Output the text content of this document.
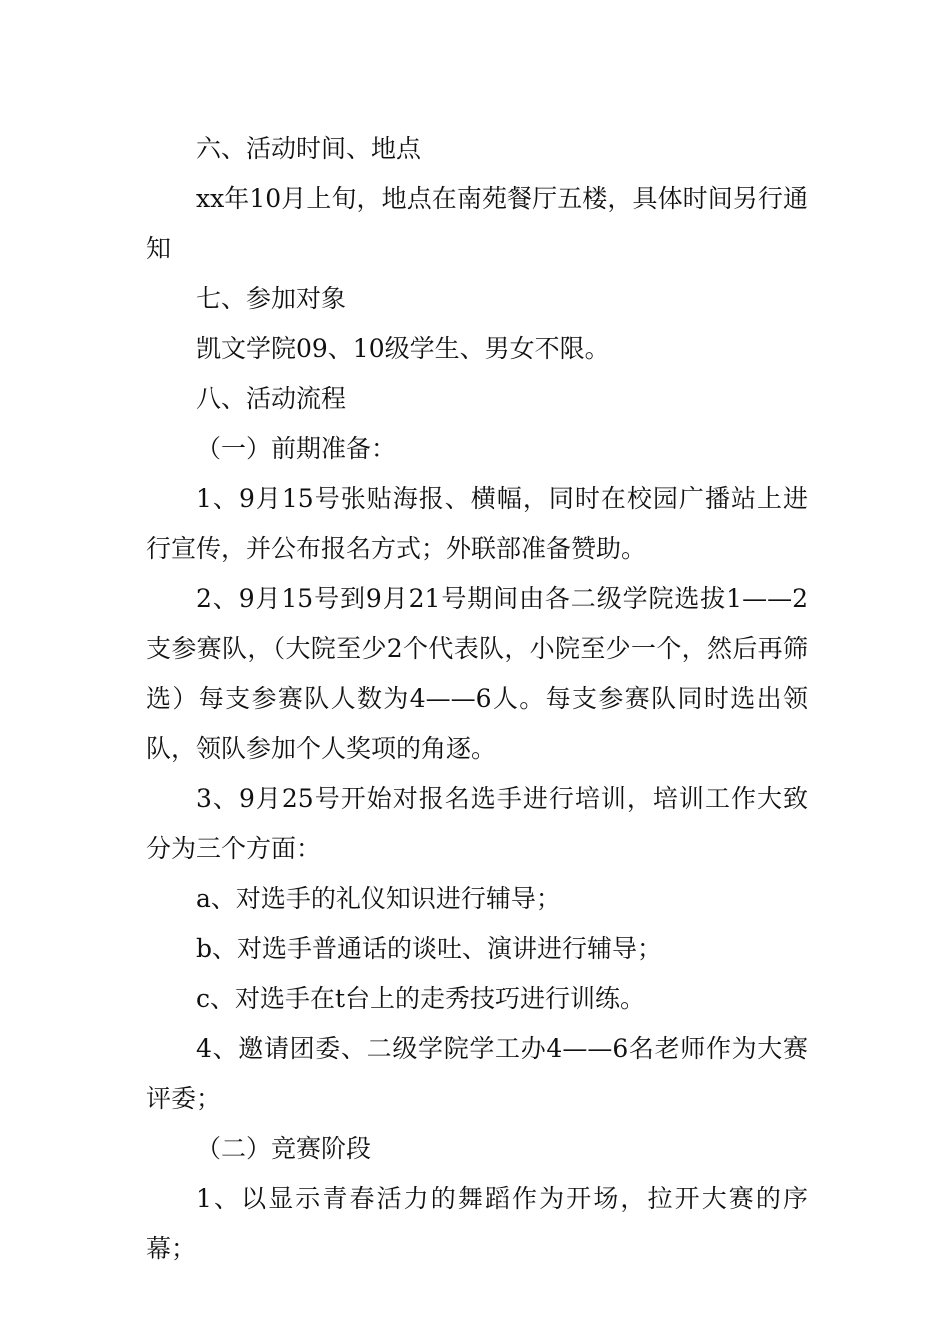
六、活动时间、地点

xx年10月上旬，地点在南苑餐厅五楼，具体时间另行通知

七、参加对象

凯文学院09、10级学生、男女不限。

八、活动流程

（一）前期准备：

1、9月15号张贴海报、横幅，同时在校园广播站上进行宣传，并公布报名方式；外联部准备赞助。

2、9月15号到9月21号期间由各二级学院选拔1——2支参赛队，（大院至少2个代表队，小院至少一个，然后再筛选）每支参赛队人数为4——6人。每支参赛队同时选出领队，领队参加个人奖项的角逐。

3、9月25号开始对报名选手进行培训，培训工作大致分为三个方面：

a、对选手的礼仪知识进行辅导；

b、对选手普通话的谈吐、演讲进行辅导；

c、对选手在t台上的走秀技巧进行训练。

4、邀请团委、二级学院学工办4——6名老师作为大赛评委；

（二）竞赛阶段

1、以显示青春活力的舞蹈作为开场，拉开大赛的序幕；
